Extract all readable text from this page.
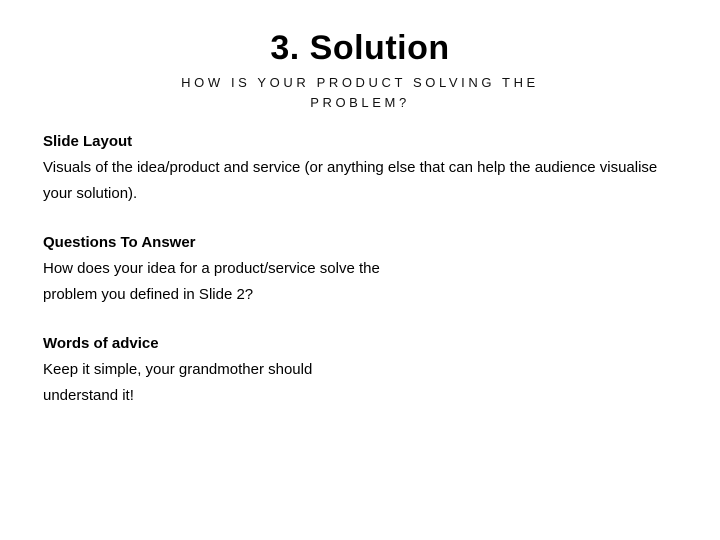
3. Solution
HOW IS YOUR PRODUCT SOLVING THE PROBLEM?
Slide Layout
Visuals of the idea/product and service (or anything else that can help the audience visualise your solution).
Questions To Answer
How does your idea for a product/service solve the problem you defined in Slide 2?
Words of advice
Keep it simple, your grandmother should understand it!
